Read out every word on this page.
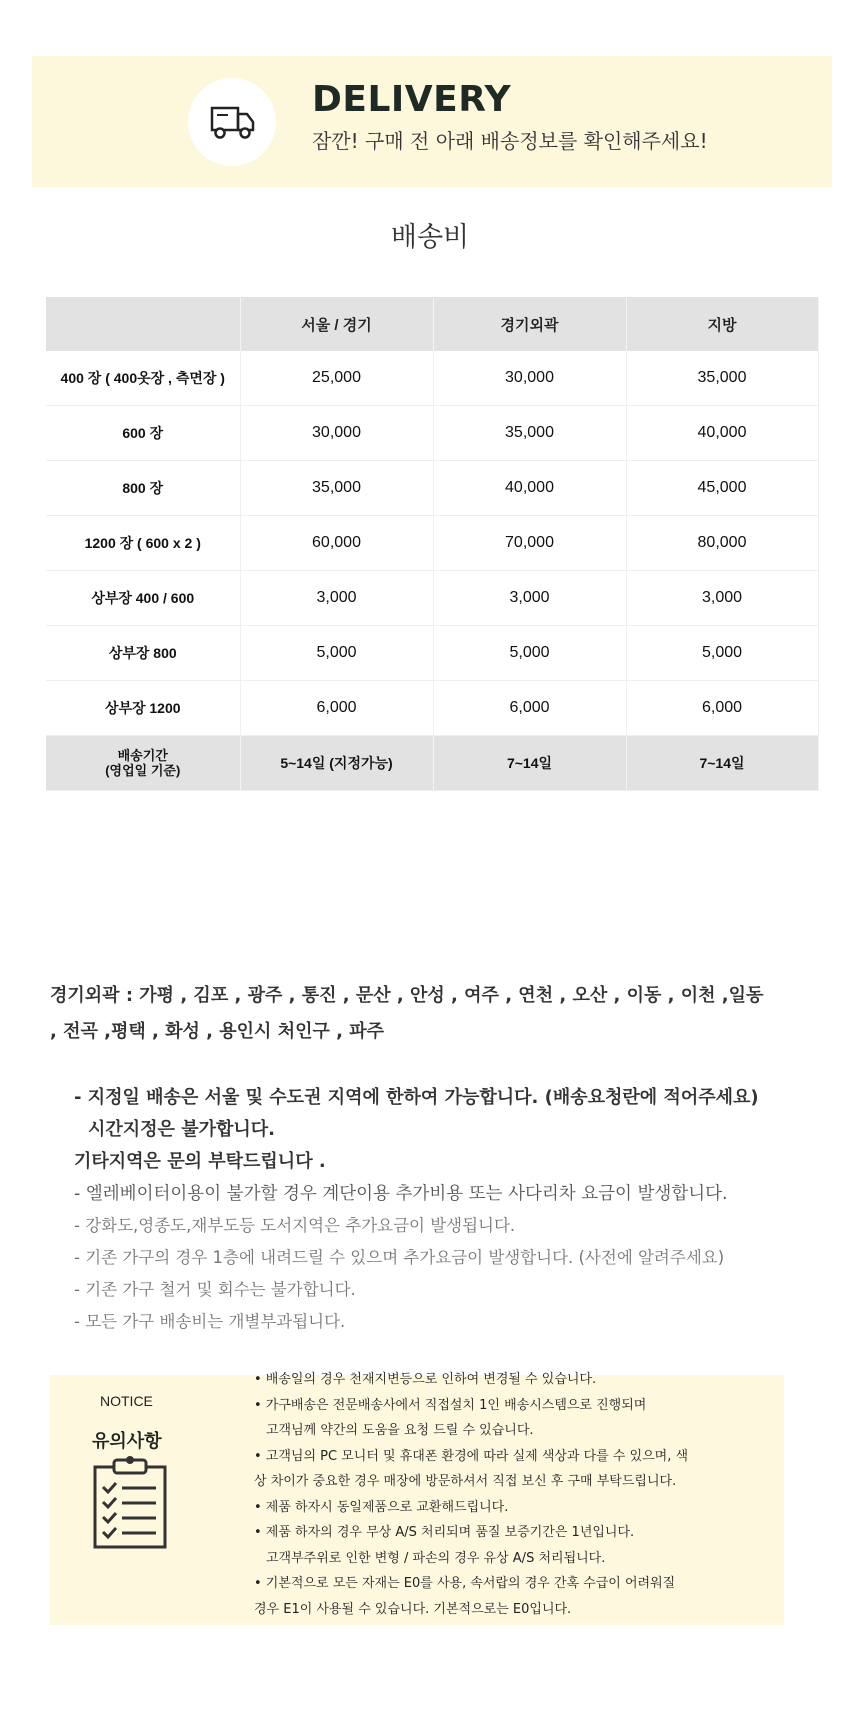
DELIVERY
잠깐! 구매 전 아래 배송정보를 확인해주세요!
배송비
	서울 / 경기	경기외곽	지방
400 장 ( 400옷장 , 측면장 )	25,000	30,000	35,000
600 장	30,000	35,000	40,000
800 장	35,000	40,000	45,000
1200 장 ( 600 x 2 )	60,000	70,000	80,000
상부장 400 / 600	3,000	3,000	3,000
상부장 800	5,000	5,000	5,000
상부장 1200	6,000	6,000	6,000

배송기간
(영업일 기준)	5~14일 (지정가능)	7~14일	7~14일
경기외곽 : 가평 , 김포 , 광주 , 통진 , 문산 , 안성 , 여주 , 연천 , 오산 , 이동 , 이천 ,일동 , 전곡 ,평택 , 화성 , 용인시 처인구 , 파주
- 지정일 배송은 서울 및 수도권 지역에 한하여 가능합니다. (배송요청란에 적어주세요)
시간지정은 불가합니다.
기타지역은 문의 부탁드립니다 .
- 엘레베이터이용이 불가할 경우 계단이용 추가비용 또는 사다리차 요금이 발생합니다.
- 강화도,영종도,재부도등 도서지역은 추가요금이 발생됩니다.
- 기존 가구의 경우 1층에 내려드릴 수 있으며 추가요금이 발생합니다. (사전에 알려주세요)
- 기존 가구 철거 및 회수는 불가합니다.
- 모든 가구 배송비는 개별부과됩니다.
NOTICE
유의사항
• 배송일의 경우 천재지변등으로 인하여 변경될 수 있습니다.
• 가구배송은 전문배송사에서 직접설치 1인 배송시스템으로 진행되며
고객님께 약간의 도움을 요청 드릴 수 있습니다.
• 고객님의 PC 모니터 및 휴대폰 환경에 따라 실제 색상과 다를 수 있으며, 색
상 차이가 중요한 경우 매장에 방문하셔서 직접 보신 후 구매 부탁드립니다.
• 제품 하자시 동일제품으로 교환해드립니다.
• 제품 하자의 경우 무상 A/S 처리되며 품질 보증기간은 1년입니다.
고객부주위로 인한 변형 / 파손의 경우 유상 A/S 처리됩니다.
• 기본적으로 모든 자재는 E0를 사용, 속서랍의 경우 간혹 수급이 어려워질
경우 E1이 사용될 수 있습니다. 기본적으로는 E0입니다.
